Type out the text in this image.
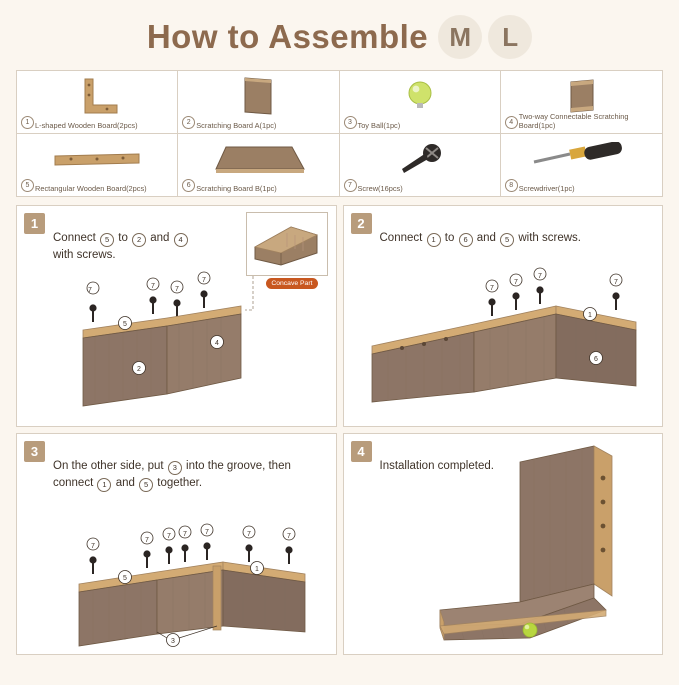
How to Assemble M	L
1 L-shaped Wooden Board(2pcs)	2 Scratching Board A(1pc)	3 Toy Ball(1pc)	4
Two-way Connectable Scratching Board(1pc)
5 Rectangular Wooden Board(2pcs)	6 Scratching Board B(1pc)	7 Screw(16pcs)	8 Screwdriver(1pc)
1
Connect 5 to 2 and 4
with screws.
Concave Part
7
7	7
7
5
2
4
2
Connect 1 to 6 and 5 with screws.
7
7
7
7
1
6
3
On the other side, put 3 into the groove, then connect 1 and 5 together.
7
7
7 7	7	7	7
5
1
3
4
Installation completed.
